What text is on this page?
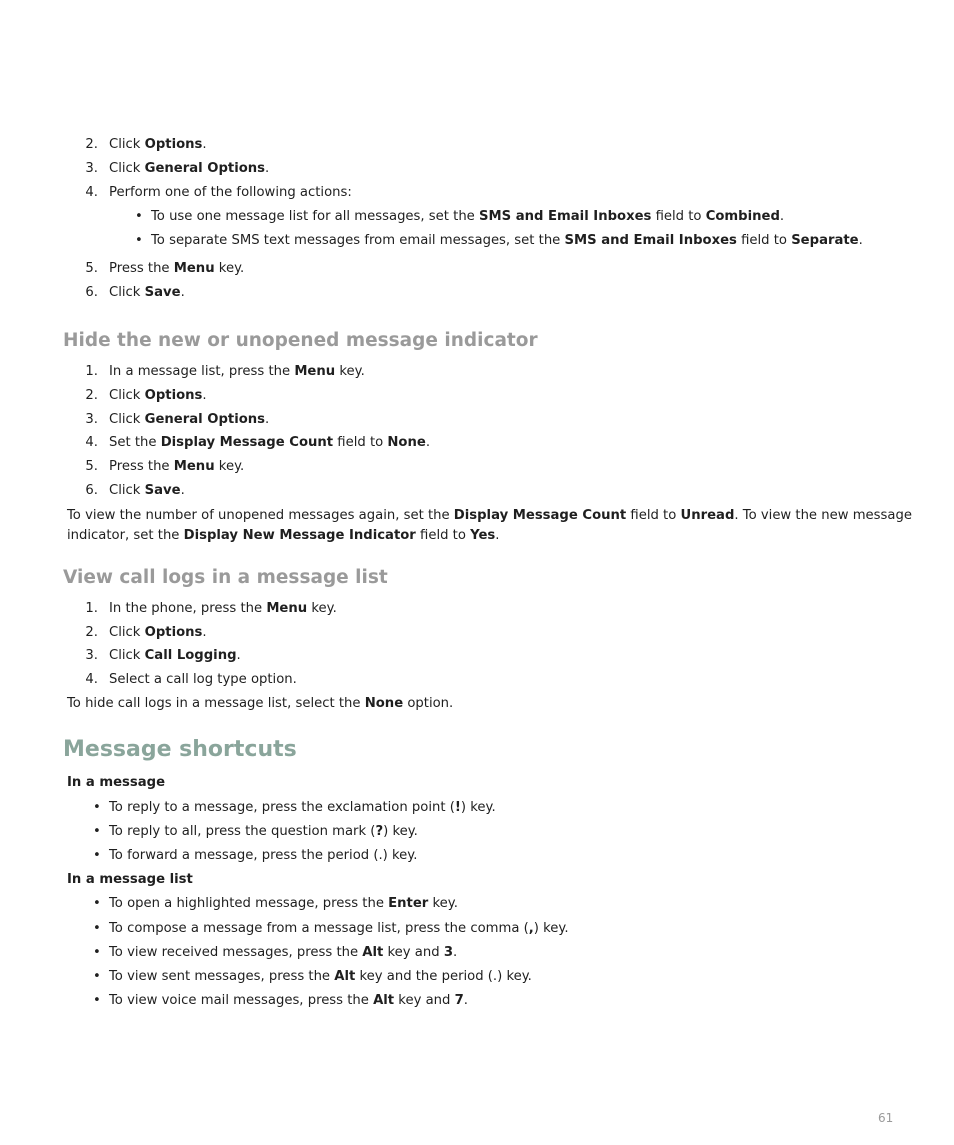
2. Click Options.
3. Click General Options.
4. Perform one of the following actions:
• To use one message list for all messages, set the SMS and Email Inboxes field to Combined.
• To separate SMS text messages from email messages, set the SMS and Email Inboxes field to Separate.
5. Press the Menu key.
6. Click Save.
Hide the new or unopened message indicator
1. In a message list, press the Menu key.
2. Click Options.
3. Click General Options.
4. Set the Display Message Count field to None.
5. Press the Menu key.
6. Click Save.
To view the number of unopened messages again, set the Display Message Count field to Unread. To view the new message indicator, set the Display New Message Indicator field to Yes.
View call logs in a message list
1. In the phone, press the Menu key.
2. Click Options.
3. Click Call Logging.
4. Select a call log type option.
To hide call logs in a message list, select the None option.
Message shortcuts
In a message
• To reply to a message, press the exclamation point (!) key.
• To reply to all, press the question mark (?) key.
• To forward a message, press the period (.) key.
In a message list
• To open a highlighted message, press the Enter key.
• To compose a message from a message list, press the comma (,) key.
• To view received messages, press the Alt key and 3.
• To view sent messages, press the Alt key and the period (.) key.
• To view voice mail messages, press the Alt key and 7.
61
